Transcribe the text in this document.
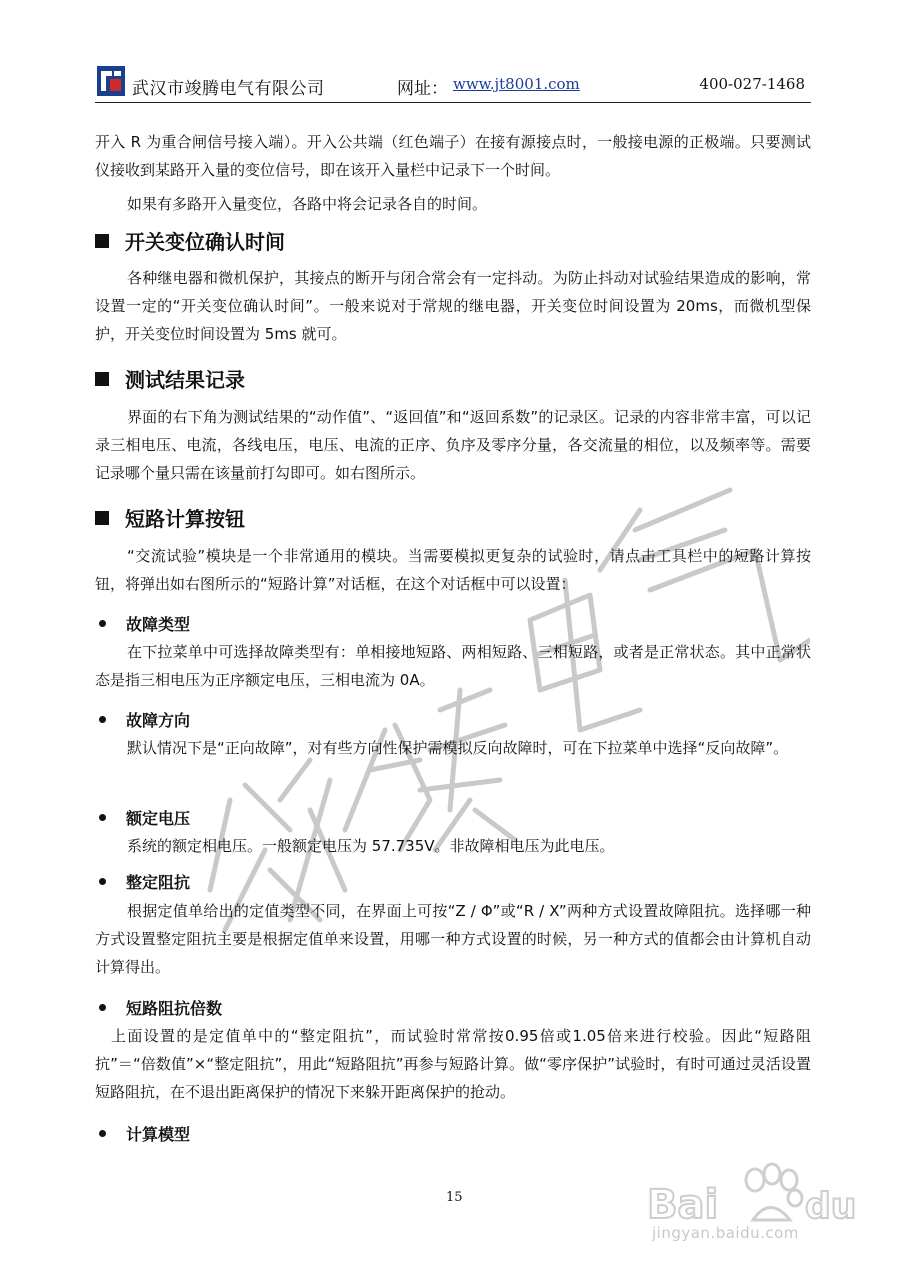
武汉市竣腾电气有限公司	网址： www.jt8001.com	400-027-1468

开入 R 为重合闸信号接入端）。开入公共端（红色端子）在接有源接点时，一般接电源的正极端。只要测试仪接收到某路开入量的变位信号，即在该开入量栏中记录下一个时间。

如果有多路开入量变位，各路中将会记录各自的时间。

开关变位确认时间

各种继电器和微机保护，其接点的断开与闭合常会有一定抖动。为防止抖动对试验结果造成的影响，常设置一定的“开关变位确认时间”。一般来说对于常规的继电器，开关变位时间设置为 20ms，而微机型保护，开关变位时间设置为 5ms 就可。

测试结果记录

界面的右下角为测试结果的“动作值”、“返回值”和“返回系数”的记录区。记录的内容非常丰富，可以记录三相电压、电流，各线电压，电压、电流的正序、负序及零序分量，各交流量的相位，以及频率等。需要记录哪个量只需在该量前打勾即可。如右图所示。

短路计算按钮

“交流试验”模块是一个非常通用的模块。当需要模拟更复杂的试验时，请点击工具栏中的短路计算按钮，将弹出如右图所示的“短路计算”对话框，在这个对话框中可以设置：

故障类型

在下拉菜单中可选择故障类型有：单相接地短路、两相短路、三相短路，或者是正常状态。其中正常状态是指三相电压为正序额定电压，三相电流为 0A。

故障方向

默认情况下是“正向故障”，对有些方向性保护需模拟反向故障时，可在下拉菜单中选择“反向故障”。

额定电压

系统的额定相电压。一般额定电压为 57.735V。非故障相电压为此电压。

整定阻抗

根据定值单给出的定值类型不同，在界面上可按“Z / Φ”或“R / X”两种方式设置故障阻抗。选择哪一种方式设置整定阻抗主要是根据定值单来设置，用哪一种方式设置的时候，另一种方式的值都会由计算机自动计算得出。

短路阻抗倍数

上面设置的是定值单中的“整定阻抗”，而试验时常常按0.95倍或1.05倍来进行校验。因此“短路阻抗”＝“倍数值”×“整定阻抗”，用此“短路阻抗”再参与短路计算。做“零序保护”试验时，有时可通过灵活设置短路阻抗，在不退出距离保护的情况下来躲开距离保护的抢动。

计算模型
15	Bai du
jingyan.baidu.com
